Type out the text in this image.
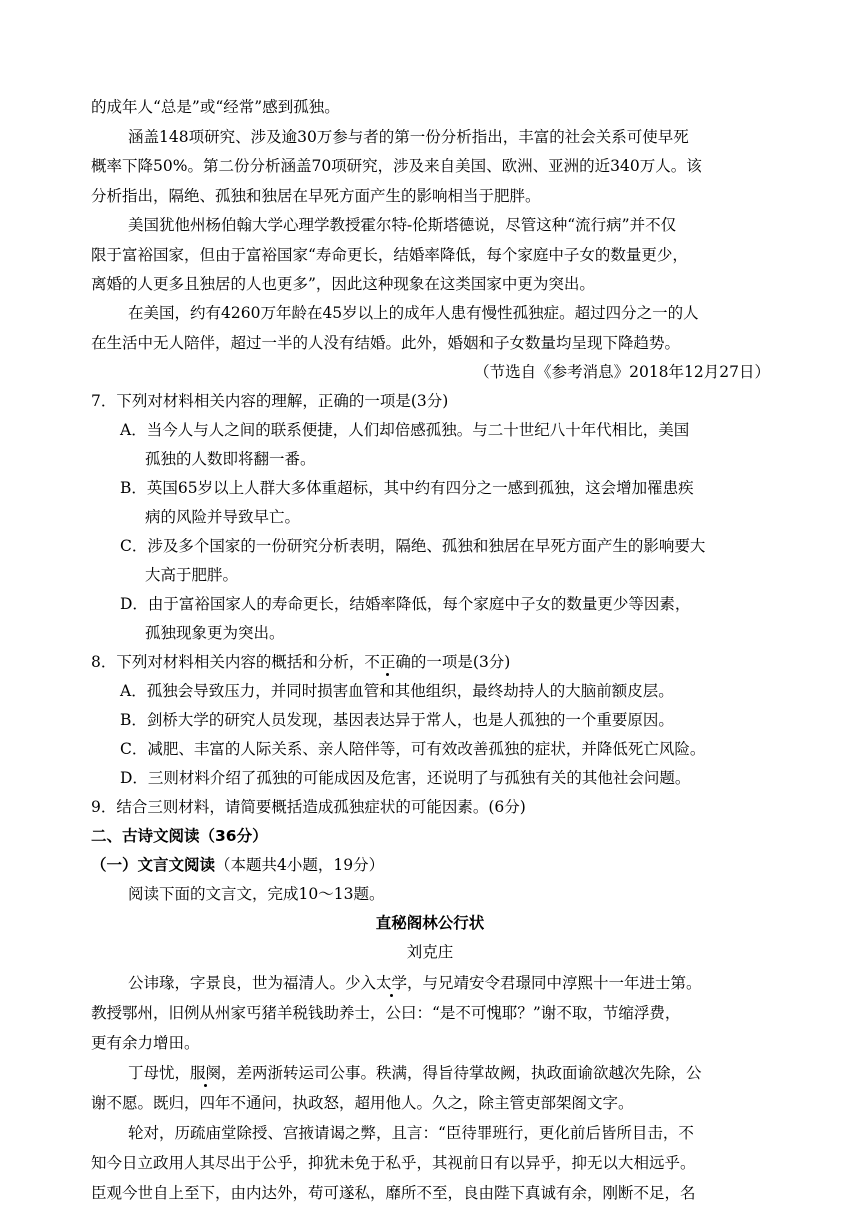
的成年人“总是”或“经常”感到孤独。
涵盖148项研究、涉及逾30万参与者的第一份分析指出，丰富的社会关系可使早死
概率下降50%。第二份分析涵盖70项研究，涉及来自美国、欧洲、亚洲的近340万人。该
分析指出，隔绝、孤独和独居在早死方面产生的影响相当于肥胖。
美国犹他州杨伯翰大学心理学教授霍尔特-伦斯塔德说，尽管这种“流行病”并不仅
限于富裕国家，但由于富裕国家“寿命更长，结婚率降低，每个家庭中子女的数量更少，
离婚的人更多且独居的人也更多”，因此这种现象在这类国家中更为突出。
在美国，约有4260万年龄在45岁以上的成年人患有慢性孤独症。超过四分之一的人
在生活中无人陪伴，超过一半的人没有结婚。此外，婚姻和子女数量均呈现下降趋势。
（节选自《参考消息》2018年12月27日）
7．下列对材料相关内容的理解，正确的一项是(3分)
A．当今人与人之间的联系便捷，人们却倍感孤独。与二十世纪八十年代相比，美国
孤独的人数即将翻一番。
B．英国65岁以上人群大多体重超标，其中约有四分之一感到孤独，这会增加罹患疾
病的风险并导致早亡。
C．涉及多个国家的一份研究分析表明，隔绝、孤独和独居在早死方面产生的影响要大
大高于肥胖。
D．由于富裕国家人的寿命更长，结婚率降低，每个家庭中子女的数量更少等因素，
孤独现象更为突出。
8．下列对材料相关内容的概括和分析，不正确的一项是(3分)
A．孤独会导致压力，并同时损害血管和其他组织，最终劫持人的大脑前额皮层。
B．剑桥大学的研究人员发现，基因表达异于常人，也是人孤独的一个重要原因。
C．减肥、丰富的人际关系、亲人陪伴等，可有效改善孤独的症状，并降低死亡风险。
D．三则材料介绍了孤独的可能成因及危害，还说明了与孤独有关的其他社会问题。
9．结合三则材料，请简要概括造成孤独症状的可能因素。(6分)
二、古诗文阅读（36分）
（一）文言文阅读（本题共4小题，19分）
阅读下面的文言文，完成10～13题。
直秘阁林公行状
刘克庄
公讳瑑，字景良，世为福清人。少入太学，与兄靖安令君璟同中淳熙十一年进士第。
教授鄂州，旧例从州家丐猪羊税钱助养士，公曰：“是不可愧耶？”谢不取，节缩浮费，
更有余力增田。
丁母忧，服阕，差两浙转运司公事。秩满，得旨待掌故阙，执政面谕欲越次先除，公
谢不愿。既归，四年不通问，执政怒，超用他人。久之，除主管吏部架阁文字。
轮对，历疏庙堂除授、宫掖请谒之弊，且言：“臣待罪班行，更化前后皆所目击，不
知今日立政用人其尽出于公乎，抑犹未免于私乎，其视前日有以异乎，抑无以大相远乎。
臣观今世自上至下，由内达外，苟可遂私，靡所不至，良由陛下真诚有余，刚断不足，名
